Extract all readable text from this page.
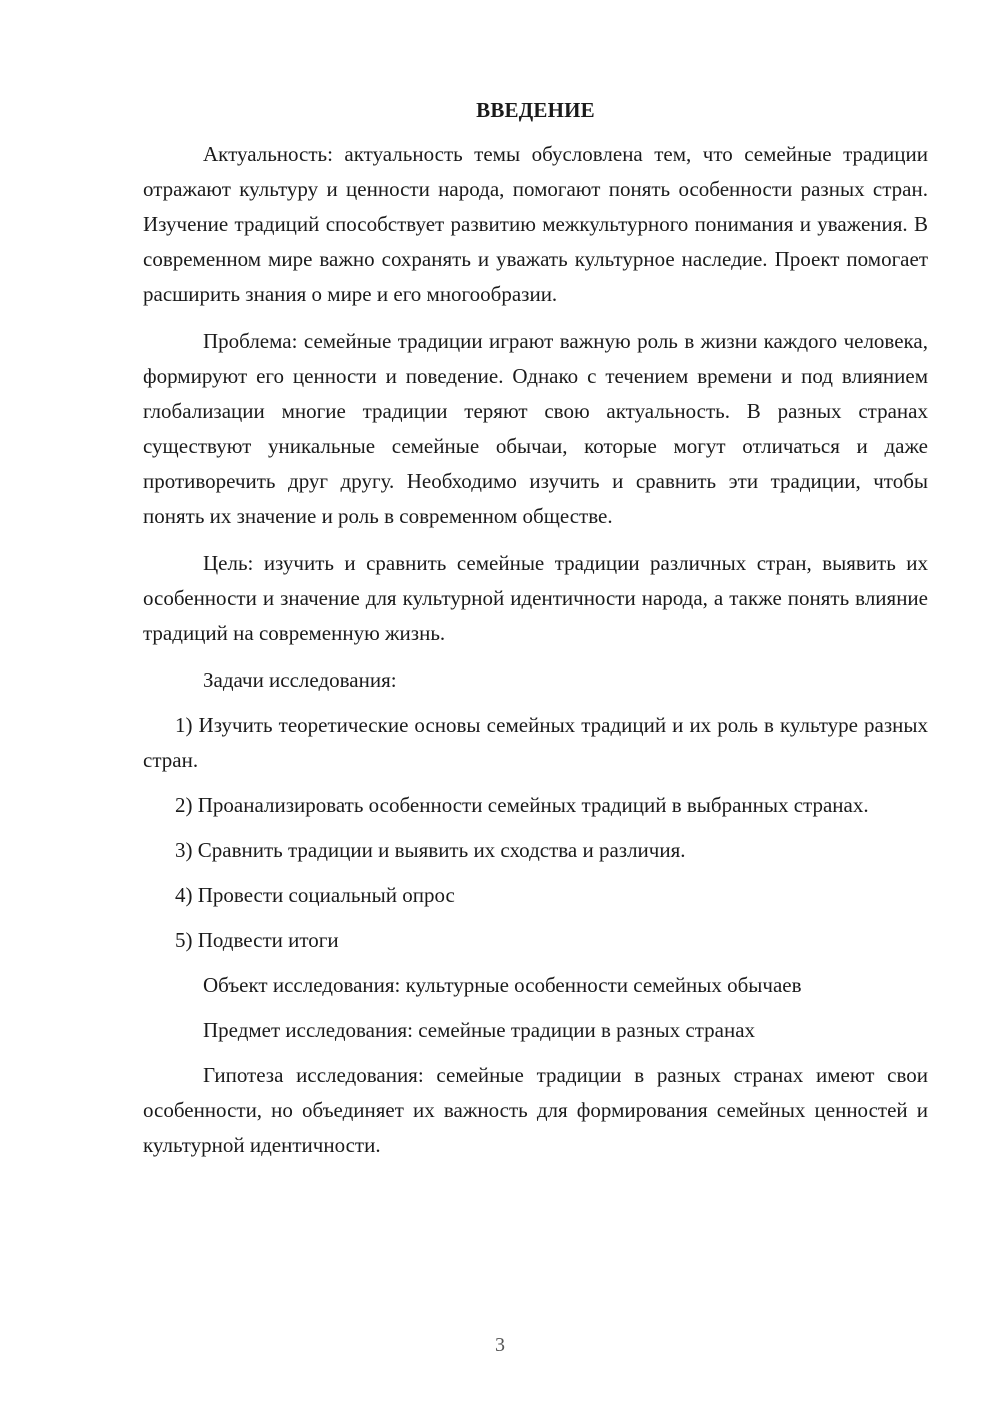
ВВЕДЕНИЕ

Актуальность: актуальность темы обусловлена тем, что семейные традиции отражают культуру и ценности народа, помогают понять особенности разных стран. Изучение традиций способствует развитию межкультурного понимания и уважения. В современном мире важно сохранять и уважать культурное наследие. Проект помогает расширить знания о мире и его многообразии.

Проблема: семейные традиции играют важную роль в жизни каждого человека, формируют его ценности и поведение. Однако с течением времени и под влиянием глобализации многие традиции теряют свою актуальность. В разных странах существуют уникальные семейные обычаи, которые могут отличаться и даже противоречить друг другу. Необходимо изучить и сравнить эти традиции, чтобы понять их значение и роль в современном обществе.

Цель: изучить и сравнить семейные традиции различных стран, выявить их особенности и значение для культурной идентичности народа, а также понять влияние традиций на современную жизнь.

Задачи исследования:

1) Изучить теоретические основы семейных традиций и их роль в культуре разных стран.

2) Проанализировать особенности семейных традиций в выбранных странах.

3) Сравнить традиции и выявить их сходства и различия.

4) Провести социальный опрос

5) Подвести итоги

Объект исследования: культурные особенности семейных обычаев

Предмет исследования: семейные традиции в разных странах

Гипотеза исследования: семейные традиции в разных странах имеют свои особенности, но объединяет их важность для формирования семейных ценностей и культурной идентичности.

3
